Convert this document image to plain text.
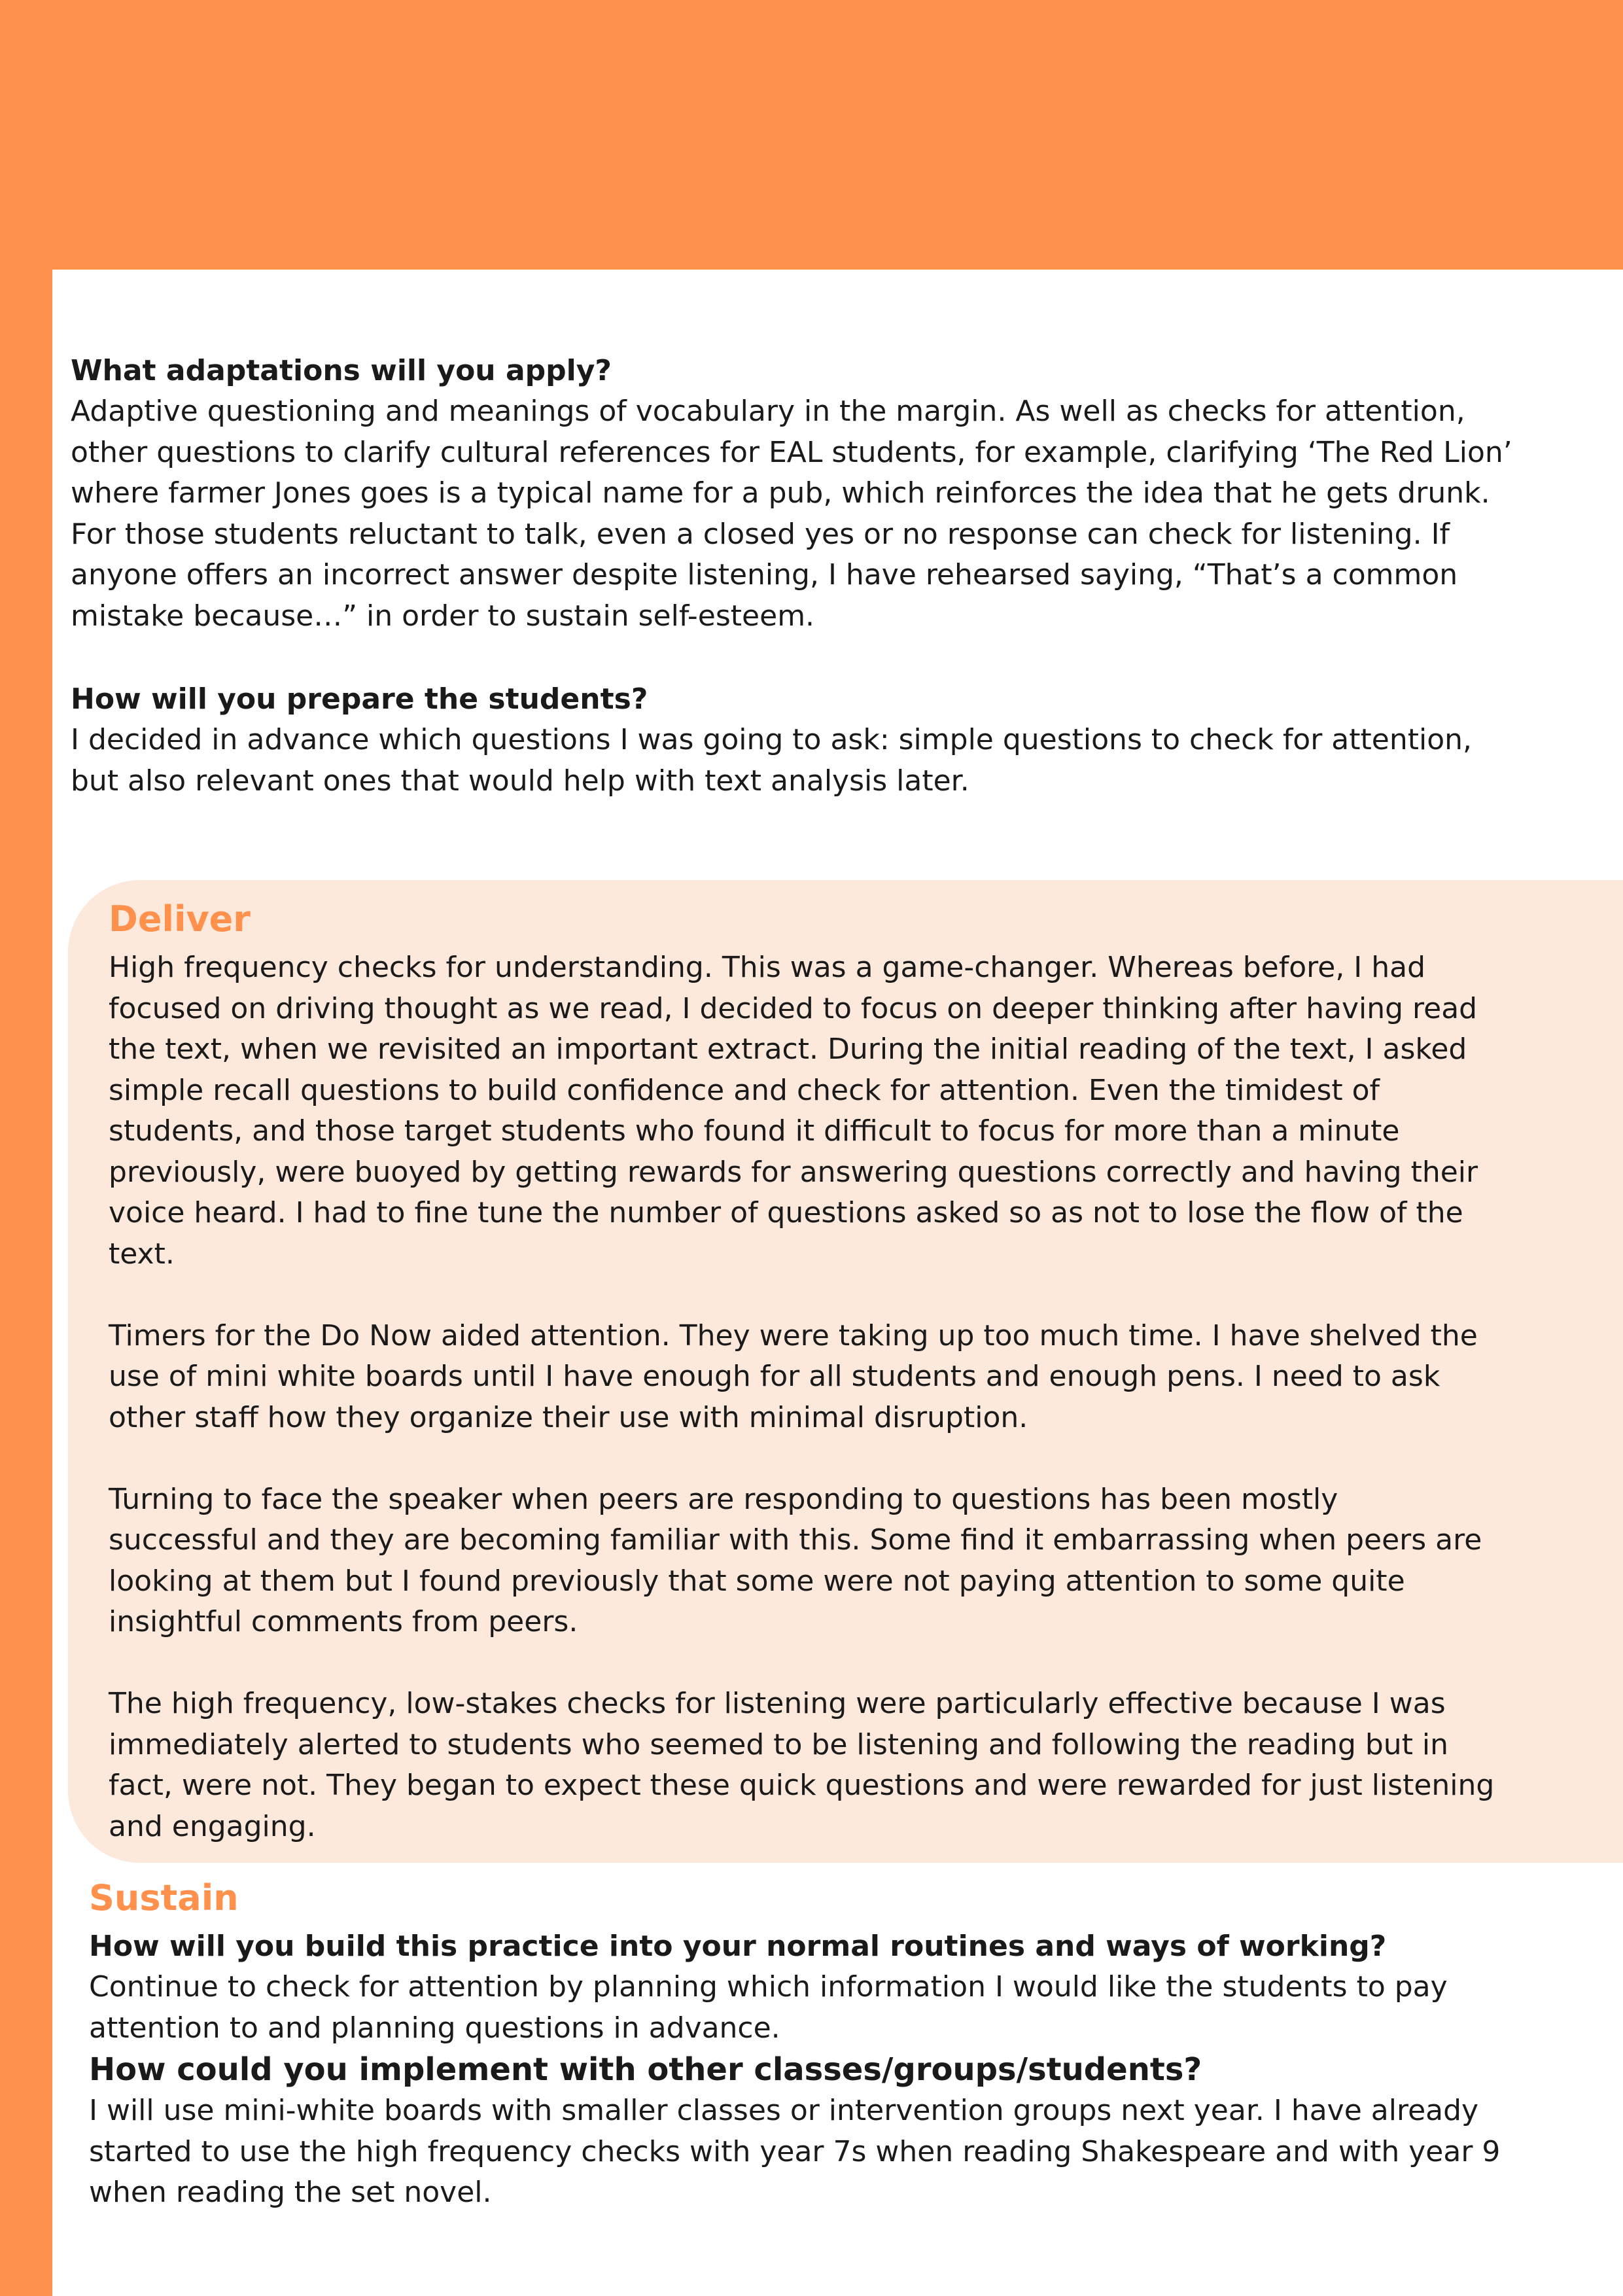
What adaptations will you apply?

Adaptive questioning and meanings of vocabulary in the margin. As well as checks for attention,

other questions to clarify cultural references for EAL students, for example, clarifying ‘The Red Lion’

where farmer Jones goes is a typical name for a pub, which reinforces the idea that he gets drunk.

For those students reluctant to talk, even a closed yes or no response can check for listening. If

anyone offers an incorrect answer despite listening, I have rehearsed saying, “That’s a common

mistake because…” in order to sustain self-esteem.

How will you prepare the students?

I decided in advance which questions I was going to ask: simple questions to check for attention,

but also relevant ones that would help with text analysis later.

Deliver

High frequency checks for understanding. This was a game-changer. Whereas before, I had

focused on driving thought as we read, I decided to focus on deeper thinking after having read

the text, when we revisited an important extract. During the initial reading of the text, I asked

simple recall questions to build confidence and check for attention. Even the timidest of

students, and those target students who found it difficult to focus for more than a minute

previously, were buoyed by getting rewards for answering questions correctly and having their

voice heard. I had to fine tune the number of questions asked so as not to lose the flow of the

text.

Timers for the Do Now aided attention. They were taking up too much time. I have shelved the

use of mini white boards until I have enough for all students and enough pens. I need to ask

other staff how they organize their use with minimal disruption.

Turning to face the speaker when peers are responding to questions has been mostly

successful and they are becoming familiar with this. Some find it embarrassing when peers are

looking at them but I found previously that some were not paying attention to some quite

insightful comments from peers.

The high frequency, low-stakes checks for listening were particularly effective because I was

immediately alerted to students who seemed to be listening and following the reading but in

fact, were not. They began to expect these quick questions and were rewarded for just listening

and engaging.

Sustain

How will you build this practice into your normal routines and ways of working?

Continue to check for attention by planning which information I would like the students to pay

attention to and planning questions in advance.

How could you implement with other classes/groups/students?

I will use mini-white boards with smaller classes or intervention groups next year. I have already

started to use the high frequency checks with year 7s when reading Shakespeare and with year 9

when reading the set novel.
